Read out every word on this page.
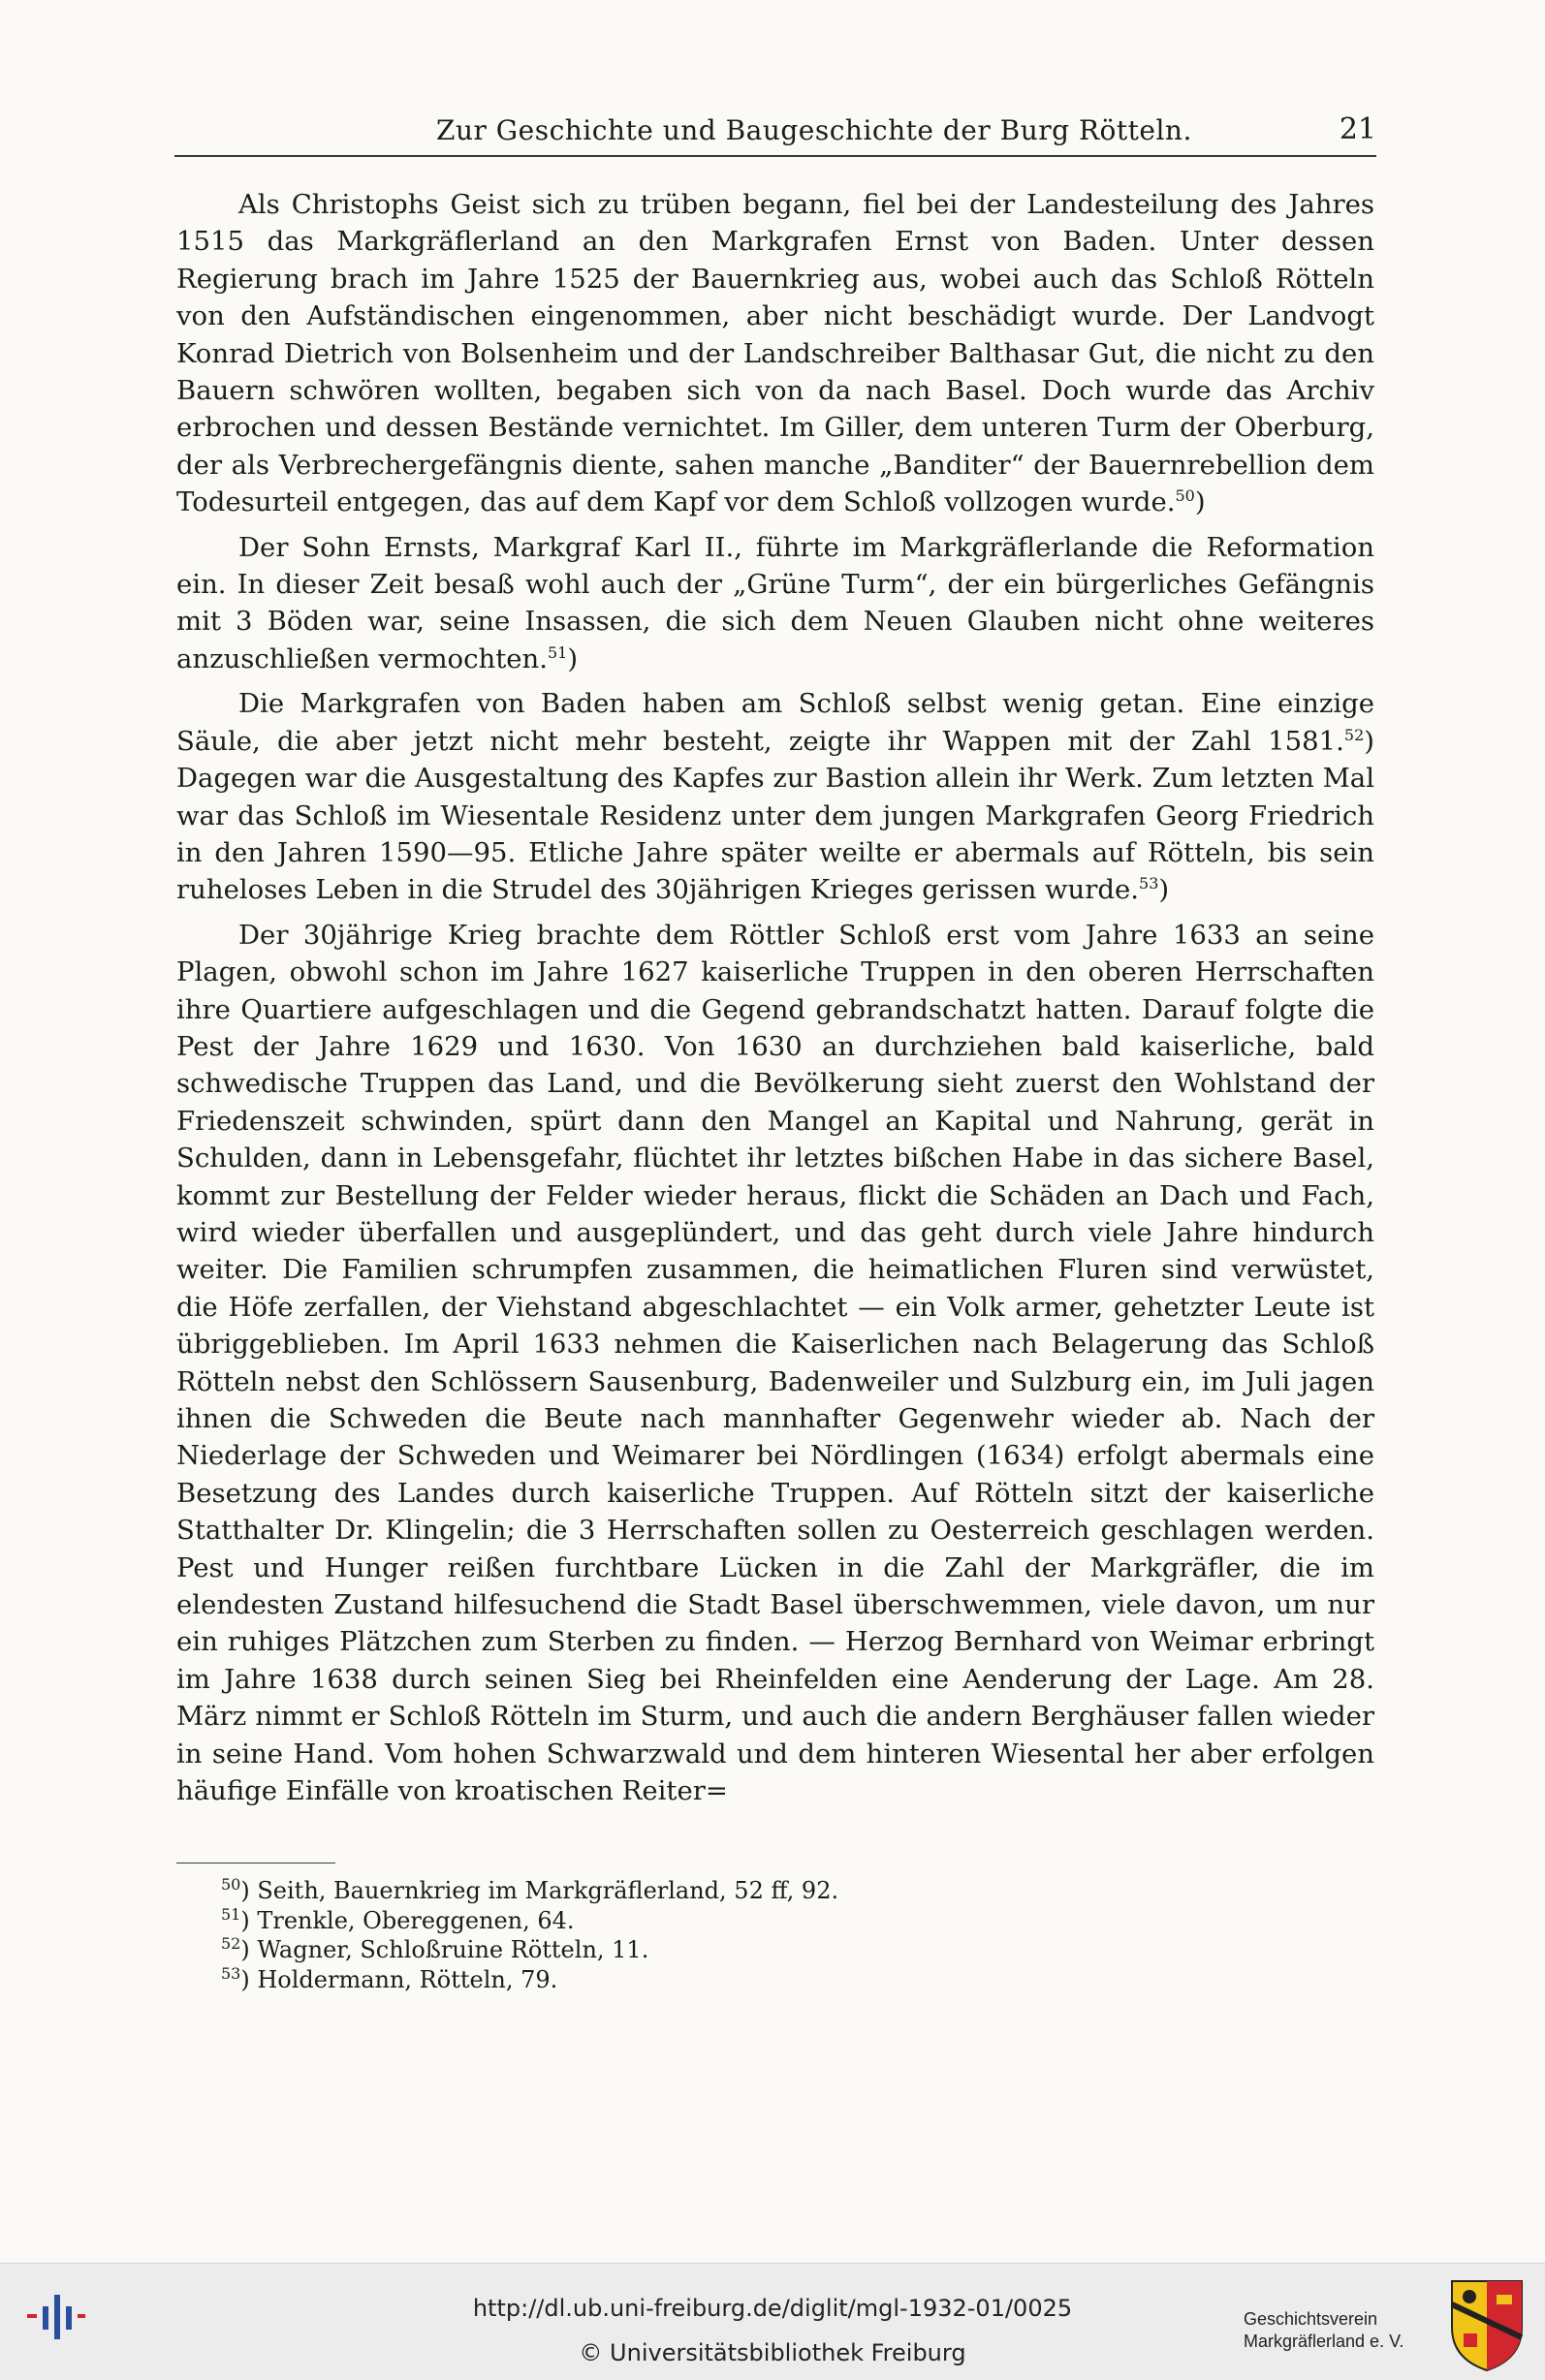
Zur Geschichte und Baugeschichte der Burg Rötteln.	21

Als Christophs Geist sich zu trüben begann, fiel bei der Landesteilung des Jahres 1515 das Markgräflerland an den Markgrafen Ernst von Baden. Unter dessen Regierung brach im Jahre 1525 der Bauernkrieg aus, wobei auch das Schloß Rötteln von den Aufständischen eingenommen, aber nicht beschädigt wurde. Der Landvogt Konrad Dietrich von Bolsenheim und der Landschreiber Balthasar Gut, die nicht zu den Bauern schwören wollten, begaben sich von da nach Basel. Doch wurde das Archiv erbrochen und dessen Bestände vernichtet. Im Giller, dem unteren Turm der Oberburg, der als Verbrechergefängnis diente, sahen manche „Banditer“ der Bauernrebellion dem Todesurteil entgegen, das auf dem Kapf vor dem Schloß vollzogen wurde.$^{50}$)

Der Sohn Ernsts, Markgraf Karl II., führte im Markgräflerlande die Reformation ein. In dieser Zeit besaß wohl auch der „Grüne Turm“, der ein bürgerliches Gefängnis mit 3 Böden war, seine Insassen, die sich dem Neuen Glauben nicht ohne weiteres anzuschließen vermochten.$^{51}$)

Die Markgrafen von Baden haben am Schloß selbst wenig getan. Eine einzige Säule, die aber jetzt nicht mehr besteht, zeigte ihr Wappen mit der Zahl 1581.52) Dagegen war die Ausgestaltung des Kapfes zur Bastion allein ihr Werk. Zum letzten Mal war das Schloß im Wiesentale Residenz unter dem jungen Markgrafen Georg Friedrich in den Jahren 1590—95. Etliche Jahre später weilte er abermals auf Rötteln, bis sein ruheloses Leben in die Strudel des 30jährigen Krieges gerissen wurde.$^{53}$)

Der 30jährige Krieg brachte dem Röttler Schloß erst vom Jahre 1633 an seine Plagen, obwohl schon im Jahre 1627 kaiserliche Truppen in den oberen Herrschaften ihre Quartiere aufgeschlagen und die Gegend gebrandschatzt hatten. Darauf folgte die Pest der Jahre 1629 und 1630. Von 1630 an durchziehen bald kaiserliche, bald schwedische Truppen das Land, und die Bevölkerung sieht zuerst den Wohlstand der Friedenszeit schwinden, spürt dann den Mangel an Kapital und Nahrung, gerät in Schulden, dann in Lebensgefahr, flüchtet ihr letztes bißchen Habe in das sichere Basel, kommt zur Bestellung der Felder wieder heraus, flickt die Schäden an Dach und Fach, wird wieder überfallen und ausgeplündert, und das geht durch viele Jahre hindurch weiter. Die Familien schrumpfen zusammen, die heimatlichen Fluren sind verwüstet, die Höfe zerfallen, der Viehstand abgeschlachtet — ein Volk armer, gehetzter Leute ist übriggeblieben. Im April 1633 nehmen die Kaiserlichen nach Belagerung das Schloß Rötteln nebst den Schlössern Sausenburg, Badenweiler und Sulzburg ein, im Juli jagen ihnen die Schweden die Beute nach mannhafter Gegenwehr wieder ab. Nach der Niederlage der Schweden und Weimarer bei Nördlingen (1634) erfolgt abermals eine Besetzung des Landes durch kaiserliche Truppen. Auf Rötteln sitzt der kaiserliche Statthalter Dr. Klingelin; die 3 Herrschaften sollen zu Oesterreich geschlagen werden. Pest und Hunger reißen furchtbare Lücken in die Zahl der Markgräfler, die im elendesten Zustand hilfesuchend die Stadt Basel überschwemmen, viele davon, um nur ein ruhiges Plätzchen zum Sterben zu finden. — Herzog Bernhard von Weimar erbringt im Jahre 1638 durch seinen Sieg bei Rheinfelden eine Aenderung der Lage. Am 28. März nimmt er Schloß Rötteln im Sturm, und auch die andern Berghäuser fallen wieder in seine Hand. Vom hohen Schwarzwald und dem hinteren Wiesental her aber erfolgen häufige Einfälle von kroatischen Reiter=

$^{50}$) Seith, Bauernkrieg im Markgräflerland, 52 ff, 92.
$^{51}$) Trenkle, Obereggenen, 64.
$^{52}$) Wagner, Schloßruine Rötteln, 11.
$^{53}$) Holdermann, Rötteln, 79.
http://dl.ub.uni-freiburg.de/diglit/mgl-1932-01/0025
© Universitätsbibliothek Freiburg
Geschichtsverein
Markgräflerland e. V.
